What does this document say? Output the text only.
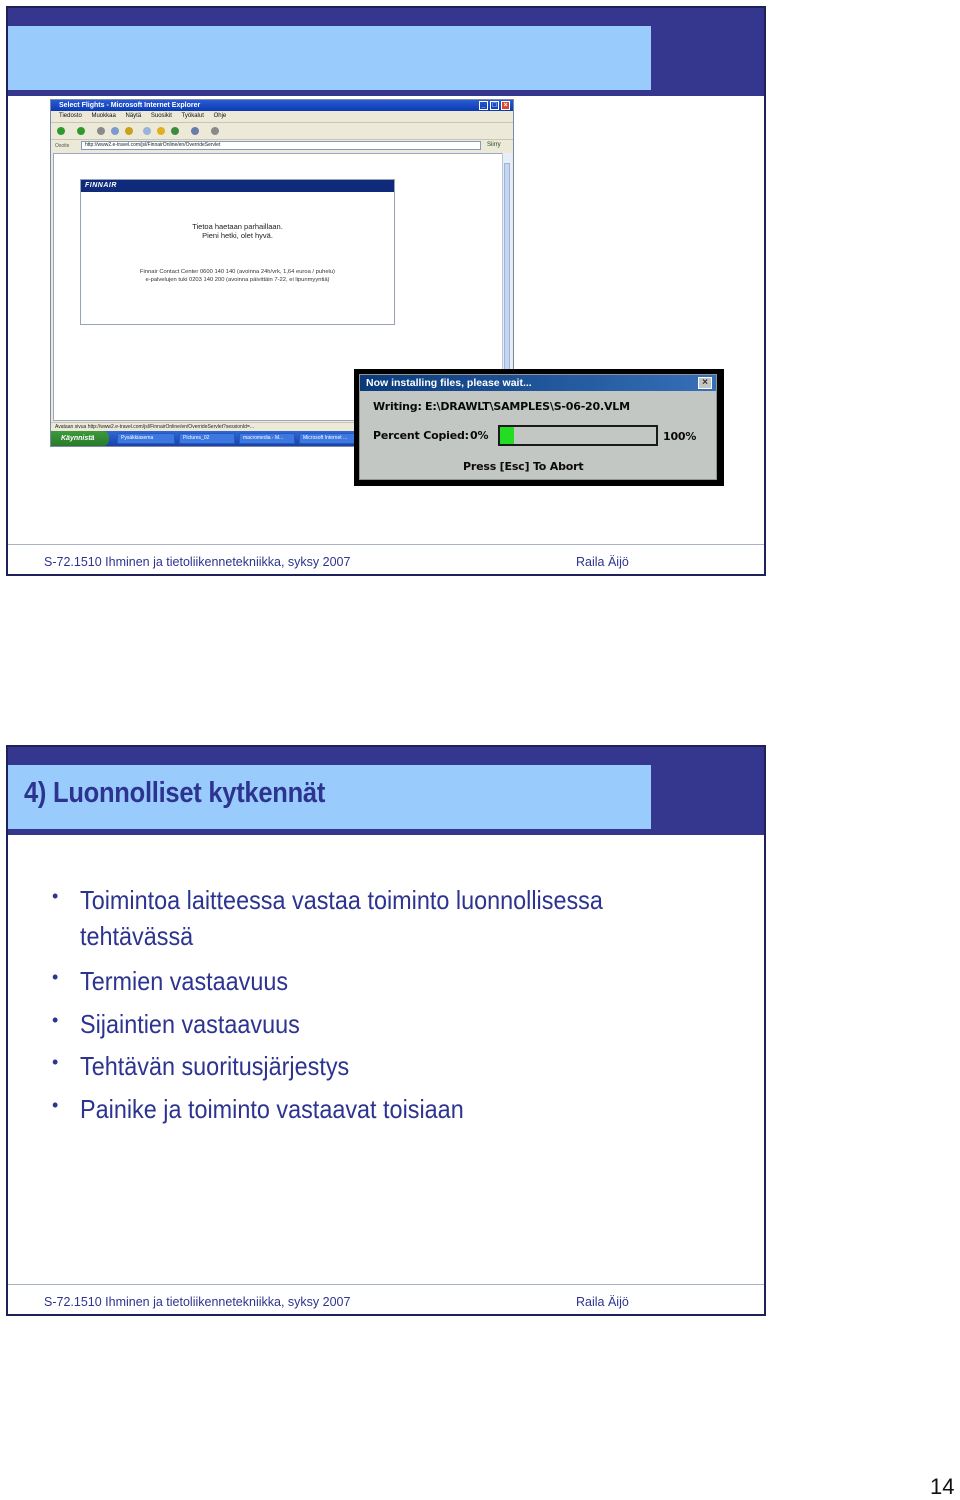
Select Flights - Microsoft Internet Explorer	_ □ ×
Tiedosto Muokkaa Näytä Suosikit Työkalut Ohje
Osoite	http://www2.e-travel.com/jsl/FinnairOnline/en/OverrideServlet	Siirry
FINNAIR
Tietoa haetaan parhaillaan.
Pieni hetki, olet hyvä.
Finnair Contact Center 0600 140 140 (avoinna 24h/vrk, 1,64 euroa / puhelu)
e-palvelujen tuki 0203 140 200 (avoinna päivittäin 7-22, ei lipunmyyntiä)
Avataan sivua http://www2.e-travel.com/jsl/FinnairOnline/en/OverrideServlet?sessionId=...
Käynnistä	Pysäkkiasema	Pictures_02	macromedia - M...	Microsoft Internet ...
Now installing files, please wait...	×
Writing: E:\DRAWLT\SAMPLES\S-06-20.VLM
Percent Copied: 0%	100%
Press [Esc] To Abort
S-72.1510 Ihminen ja tietoliikennetekniikka, syksy 2007	Raila Äijö
4) Luonnolliset kytkennät
• Toimintoa laitteessa vastaa toiminto luonnollisessa tehtävässä
• Termien vastaavuus
• Sijaintien vastaavuus
• Tehtävän suoritusjärjestys
• Painike ja toiminto vastaavat toisiaan
S-72.1510 Ihminen ja tietoliikennetekniikka, syksy 2007	Raila Äijö
14
